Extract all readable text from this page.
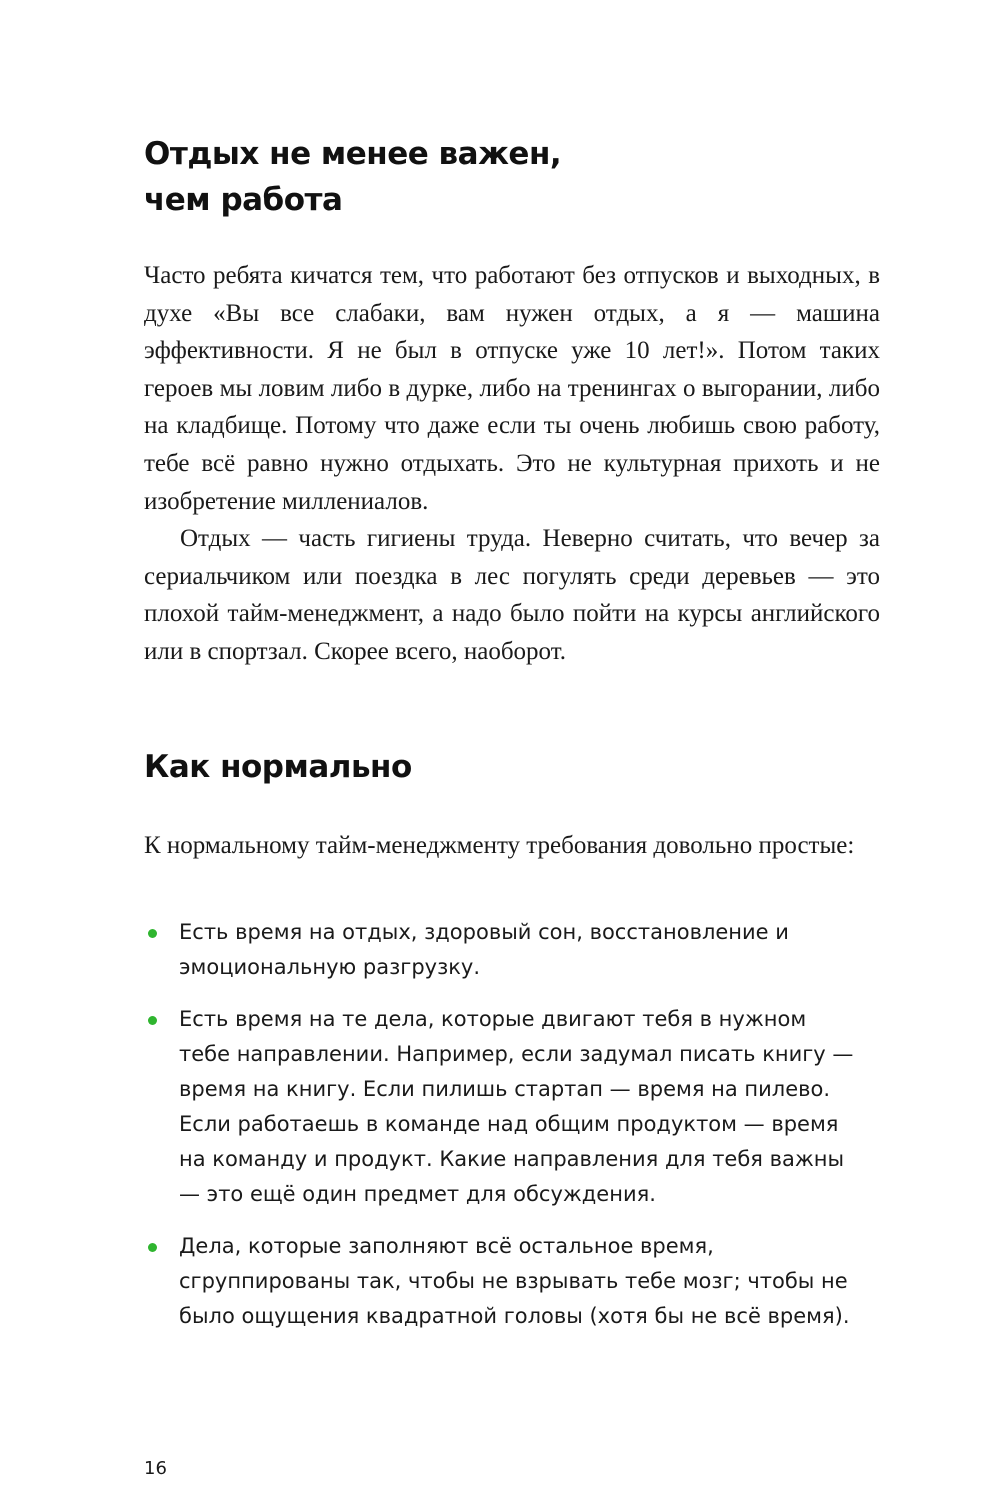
Отдых не менее важен,
чем работа

Часто ребята кичатся тем, что работают без отпусков и выходных, в духе «Вы все слабаки, вам нужен отдых, а я — машина эффективности. Я не был в отпуске уже 10 лет!». Потом таких героев мы ловим либо в дурке, либо на тренингах о выгорании, либо на кладбище. Потому что даже если ты очень любишь свою работу, тебе всё равно нужно отдыхать. Это не культурная прихоть и не изобретение миллениалов.

Отдых — часть гигиены труда. Неверно считать, что вечер за сериальчиком или поездка в лес погулять среди деревьев — это плохой тайм-менеджмент, а надо было пойти на курсы английского или в спортзал. Скорее всего, наоборот.

Как нормально

К нормальному тайм-менеджменту требования довольно простые:

Есть время на отдых, здоровый сон, восстановление и эмоциональную разгрузку.
Есть время на те дела, которые двигают тебя в нужном тебе направлении. Например, если задумал писать книгу — время на книгу. Если пилишь стартап — время на пилево. Если работаешь в команде над общим продуктом — время на команду и продукт. Какие направления для тебя важны — это ещё один предмет для обсуждения.
Дела, которые заполняют всё остальное время, сгруппированы так, чтобы не взрывать тебе мозг; чтобы не было ощущения квадратной головы (хотя бы не всё время).
16
